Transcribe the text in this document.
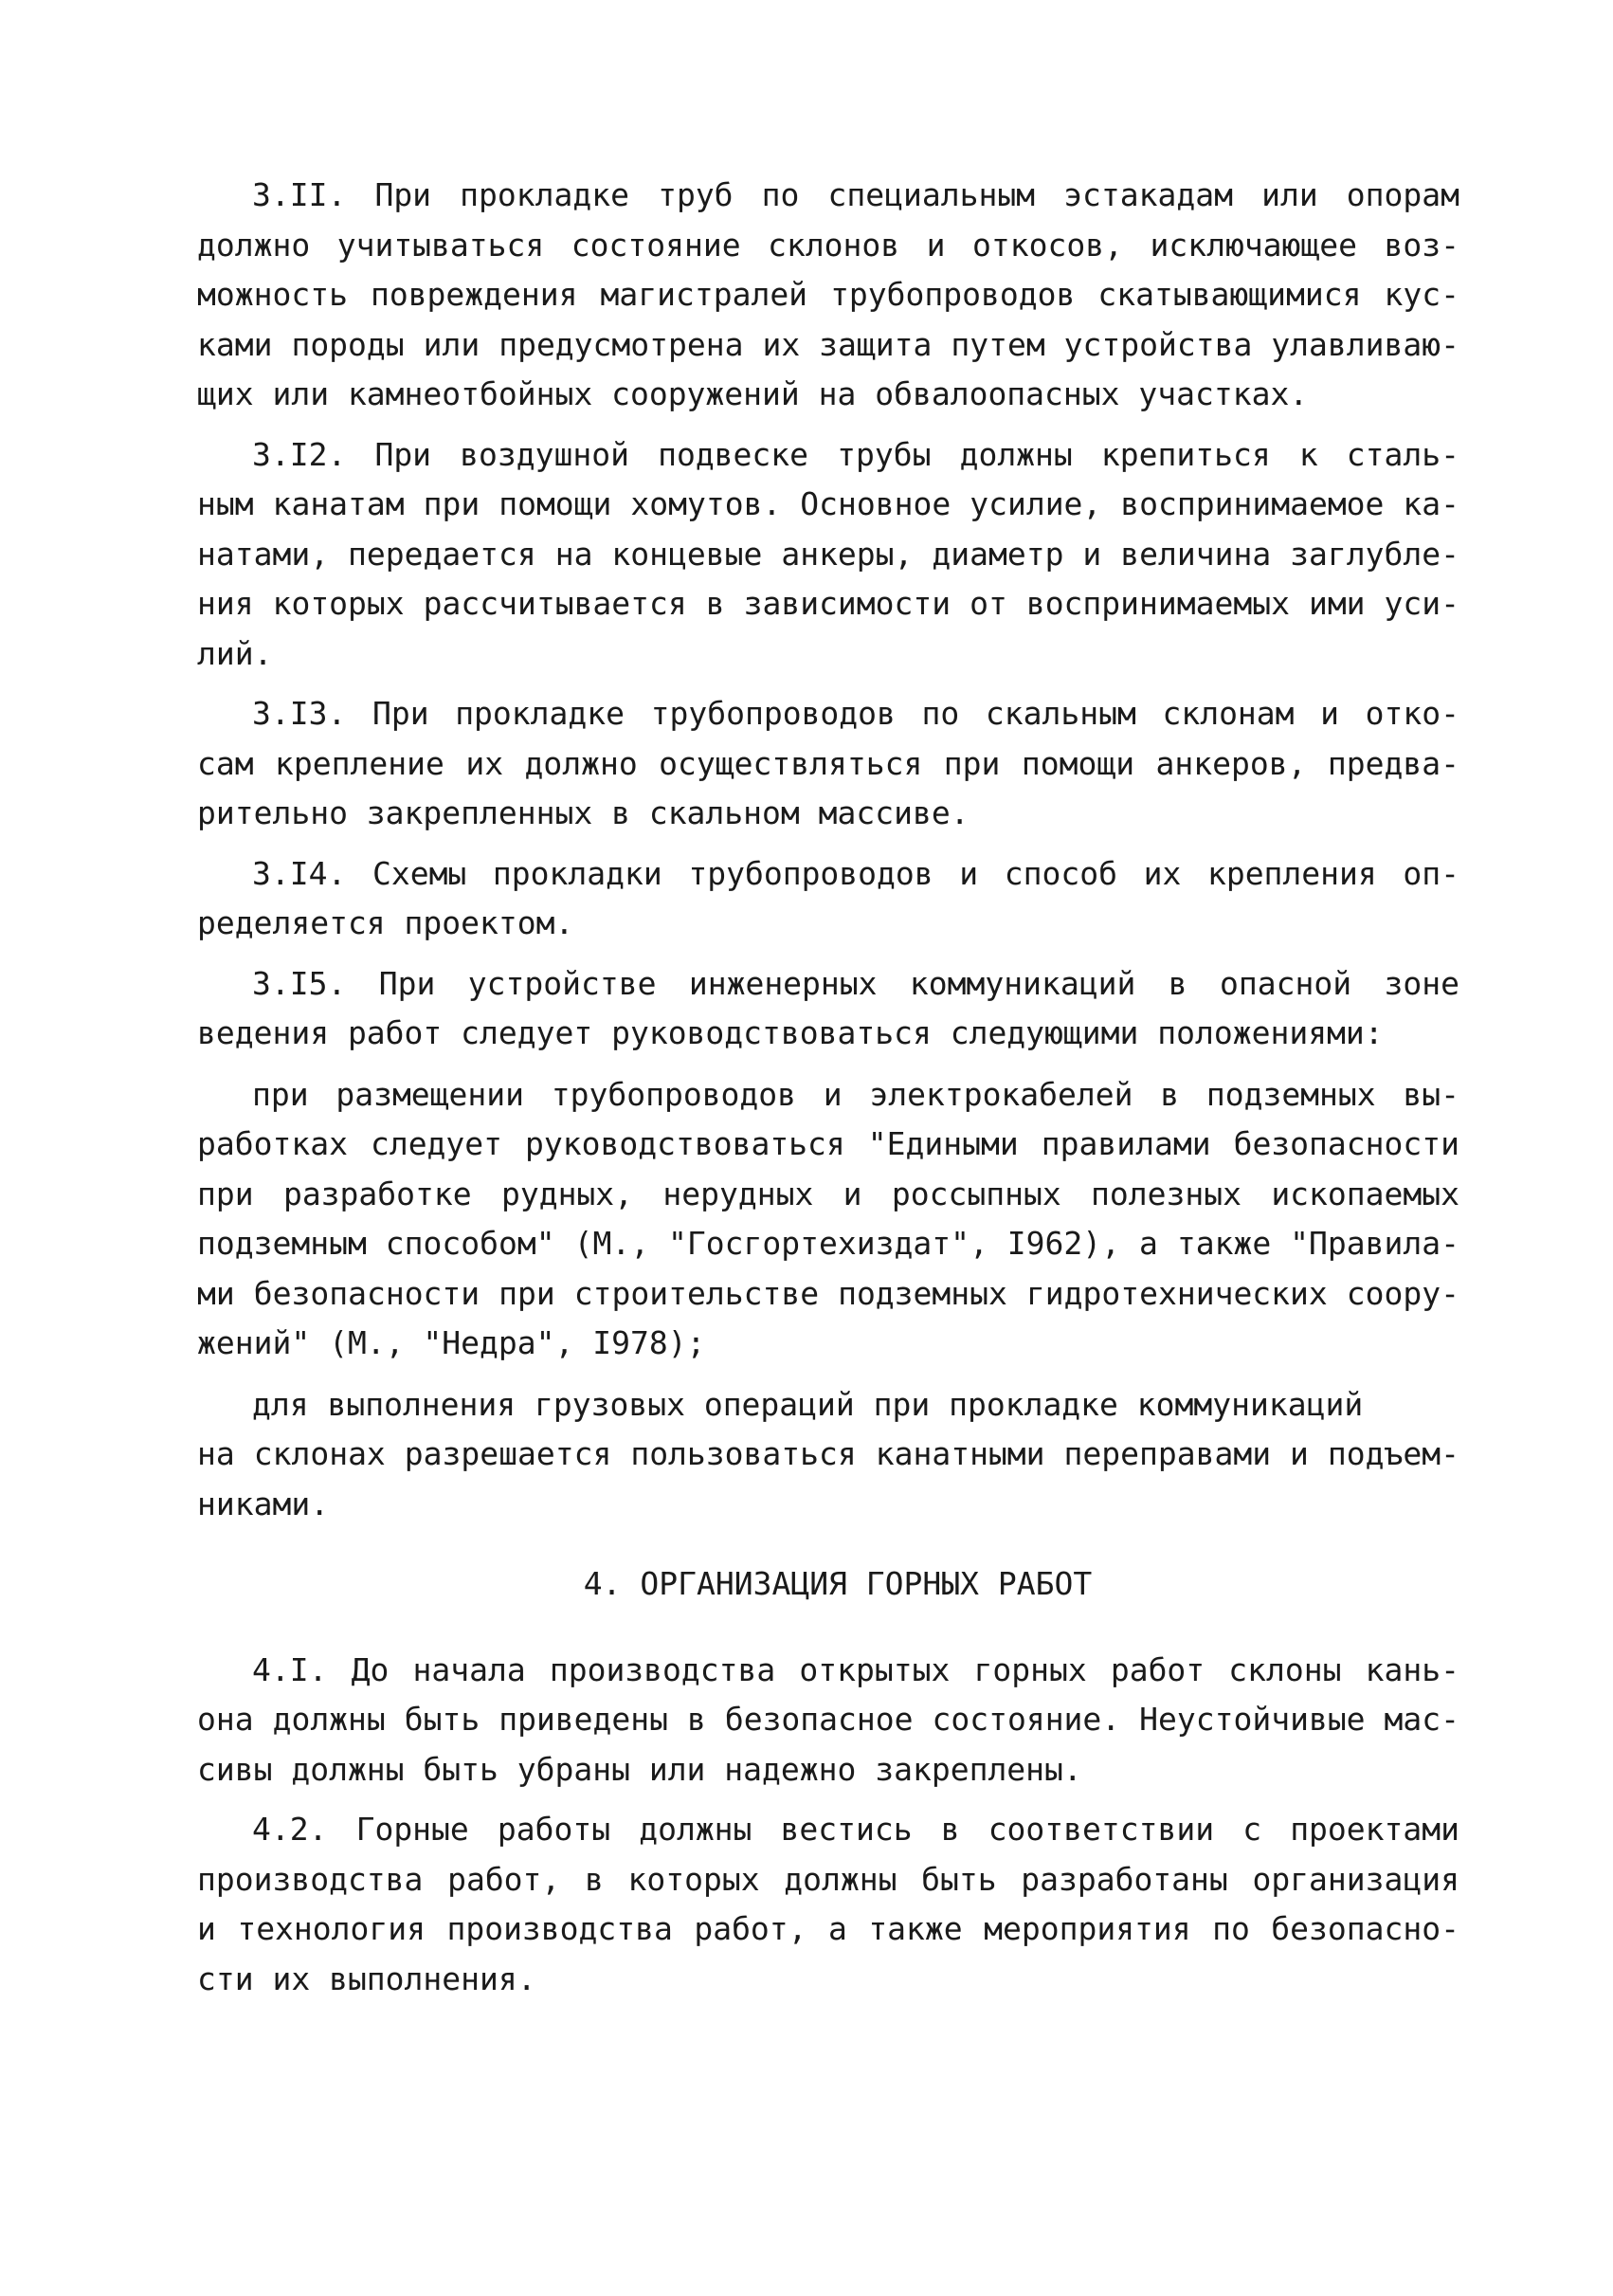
3.II. При прокладке труб по специальным эстакадам или опорам
должно учитываться состояние склонов и откосов, исключающее воз-
можность повреждения магистралей трубопроводов скатывающимися кус-
ками породы или предусмотрена их защита путем устройства улавливаю-
щих или камнеотбойных сооружений на обвалоопасных участках.
3.I2. При воздушной подвеске трубы должны крепиться к сталь-
ным канатам при помощи хомутов. Основное усилие, воспринимаемое ка-
натами, передается на концевые анкеры, диаметр и величина заглубле-
ния которых рассчитывается в зависимости от воспринимаемых ими уси-
лий.
3.I3. При прокладке трубопроводов по скальным склонам и отко-
сам крепление их должно осуществляться при помощи анкеров, предва-
рительно закрепленных в скальном массиве.
3.I4. Схемы прокладки трубопроводов и способ их крепления оп-
ределяется проектом.
3.I5. При устройстве инженерных коммуникаций в опасной зоне
ведения работ следует руководствоваться следующими положениями:
при размещении трубопроводов и электрокабелей в подземных вы-
работках следует руководствоваться "Едиными правилами безопасности
при разработке рудных, нерудных и россыпных полезных ископаемых
подземным способом" (М., "Госгортехиздат", I962), а также "Правила-
ми безопасности при строительстве подземных гидротехнических соору-
жений" (М., "Недра", I978);
для выполнения грузовых операций при прокладке коммуникаций
на склонах разрешается пользоваться канатными переправами и подъем-
никами.
4. ОРГАНИЗАЦИЯ ГОРНЫХ РАБОТ
4.I. До начала производства открытых горных работ склоны кань-
она должны быть приведены в безопасное состояние. Неустойчивые мас-
сивы должны быть убраны или надежно закреплены.
4.2. Горные работы должны вестись в соответствии с проектами
производства работ, в которых должны быть разработаны организация
и технология производства работ, а также мероприятия по безопасно-
сти их выполнения.
